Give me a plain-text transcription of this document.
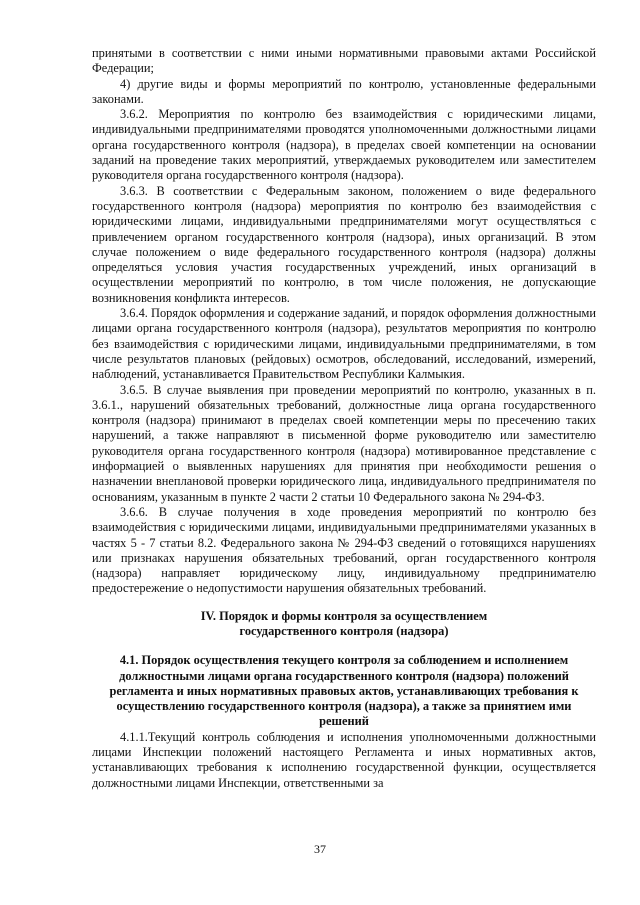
принятыми в соответствии с ними иными нормативными правовыми актами Российской Федерации;

4) другие виды и формы мероприятий по контролю, установленные федеральными законами.

3.6.2. Мероприятия по контролю без взаимодействия с юридическими лицами, индивидуальными предпринимателями проводятся уполномоченными должностными лицами органа государственного контроля (надзора), в пределах своей компетенции на основании заданий на проведение таких мероприятий, утверждаемых руководителем или заместителем руководителя органа государственного контроля (надзора).

3.6.3. В соответствии с Федеральным законом, положением о виде федерального государственного контроля (надзора) мероприятия по контролю без взаимодействия с юридическими лицами, индивидуальными предпринимателями могут осуществляться с привлечением органом государственного контроля (надзора), иных организаций. В этом случае положением о виде федерального государственного контроля (надзора) должны определяться условия участия государственных учреждений, иных организаций в осуществлении мероприятий по контролю, в том числе положения, не допускающие возникновения конфликта интересов.

3.6.4. Порядок оформления и содержание заданий, и порядок оформления должностными лицами органа государственного контроля (надзора), результатов мероприятия по контролю без взаимодействия с юридическими лицами, индивидуальными предпринимателями, в том числе результатов плановых (рейдовых) осмотров, обследований, исследований, измерений, наблюдений, устанавливается Правительством Республики Калмыкия.

3.6.5. В случае выявления при проведении мероприятий по контролю, указанных в п. 3.6.1., нарушений обязательных требований, должностные лица органа государственного контроля (надзора) принимают в пределах своей компетенции меры по пресечению таких нарушений, а также направляют в письменной форме руководителю или заместителю руководителя органа государственного контроля (надзора) мотивированное представление с информацией о выявленных нарушениях для принятия при необходимости решения о назначении внеплановой проверки юридического лица, индивидуального предпринимателя по основаниям, указанным в пункте 2 части 2 статьи 10 Федерального закона № 294-ФЗ.

3.6.6. В случае получения в ходе проведения мероприятий по контролю без взаимодействия с юридическими лицами, индивидуальными предпринимателями указанных в частях 5 - 7 статьи 8.2. Федерального закона № 294-ФЗ сведений о готовящихся нарушениях или признаках нарушения обязательных требований, орган государственного контроля (надзора) направляет юридическому лицу, индивидуальному предпринимателю предостережение о недопустимости нарушения обязательных требований.

IV. Порядок и формы контроля за осуществлением
государственного контроля (надзора)

4.1. Порядок осуществления текущего контроля за соблюдением и исполнением должностными лицами органа государственного контроля (надзора) положений регламента и иных нормативных правовых актов, устанавливающих требования к осуществлению государственного контроля (надзора), а также за принятием ими решений

4.1.1.Текущий контроль соблюдения и исполнения уполномоченными должностными лицами Инспекции положений настоящего Регламента и иных нормативных актов, устанавливающих требования к исполнению государственной функции, осуществляется должностными лицами Инспекции, ответственными за

37
